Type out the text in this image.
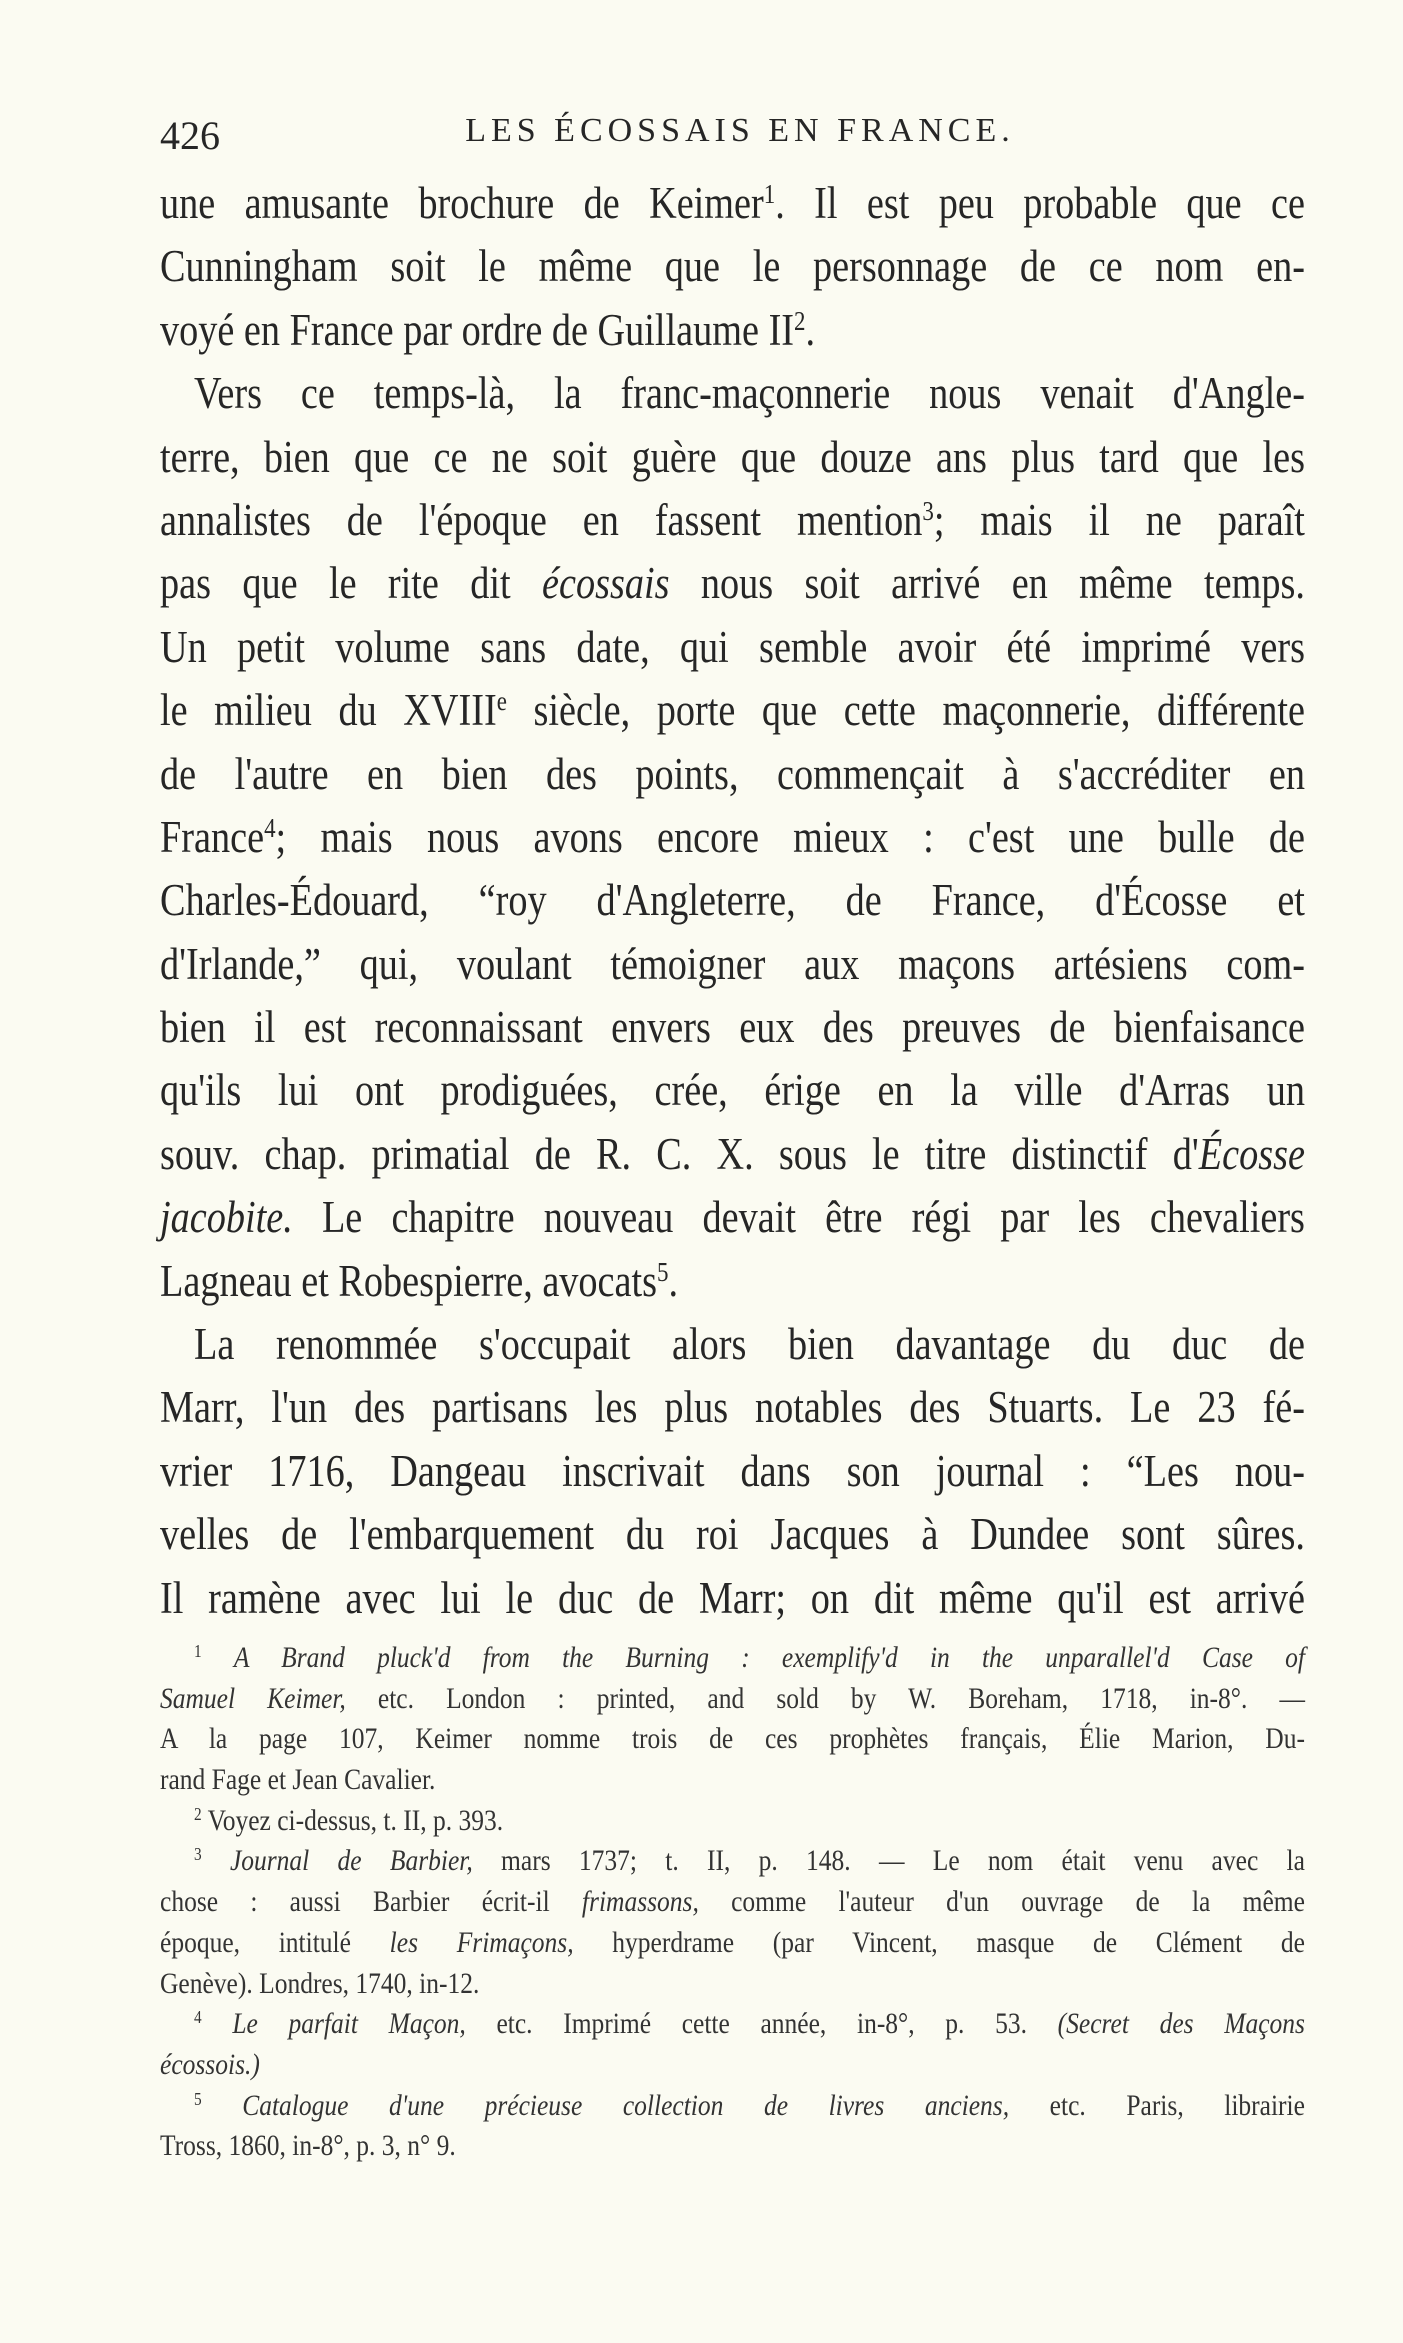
426	LES ÉCOSSAIS EN FRANCE.
une amusante brochure de Keimer$^1$. Il est peu probable que ce
Cunningham soit le même que le personnage de ce nom en-
voyé en France par ordre de Guillaume $II^2$.
Vers ce temps-là, la franc-maçonnerie nous venait d'Angle-
terre, bien que ce ne soit guère que douze ans plus tard que les
annalistes de l'époque en fassent mention$^3$; mais il ne paraît
pas que le rite dit écossais nous soit arrivé en même temps.
Un petit volume sans date, qui semble avoir été imprimé vers
le milieu du XVIIIe siècle, porte que cette maçonnerie, différente
de l'autre en bien des points, commençait à s'accréditer en
France$^4$; mais nous avons encore mieux : c'est une bulle de
Charles-Édouard, “roy d'Angleterre, de France, d'Écosse et
d'Irlande,” qui, voulant témoigner aux maçons artésiens com-
bien il est reconnaissant envers eux des preuves de bienfaisance
qu'ils lui ont prodiguées, crée, érige en la ville d'Arras un
souv. chap. primatial de R. C. X. sous le titre distinctif d'Écosse
jacobite. Le chapitre nouveau devait être régi par les chevaliers
Lagneau et Robespierre, avocats$^5$.
La renommée s'occupait alors bien davantage du duc de
Marr, l'un des partisans les plus notables des Stuarts. Le 23 fé-
vrier 1716, Dangeau inscrivait dans son journal : “Les nou-
velles de l'embarquement du roi Jacques à Dundee sont sûres.
Il ramène avec lui le duc de Marr; on dit même qu'il est arrivé
$^1$ A Brand pluck'd from the Burning : exemplify'd in the unparallel'd Case of
Samuel Keimer, etc. London : printed, and sold by W. Boreham, 1718, in-8°. —
A la page 107, Keimer nomme trois de ces prophètes français, Élie Marion, Du-
rand Fage et Jean Cavalier.
$^2$ Voyez ci-dessus, t. II, p. 393.
$^3$ Journal de Barbier, mars 1737; t. II, p. 148. — Le nom était venu avec la
chose : aussi Barbier écrit-il frimassons, comme l'auteur d'un ouvrage de la même
époque, intitulé les Frimaçons, hyperdrame (par Vincent, masque de Clément de
Genève). Londres, 1740, in-12.
$^4$ Le parfait Maçon, etc. Imprimé cette année, in-8°, p. 53. (Secret des Maçons
écossois.)
$^5$ Catalogue d'une précieuse collection de livres anciens, etc. Paris, librairie
Tross, 1860, in-8°, p. 3, n° 9.
